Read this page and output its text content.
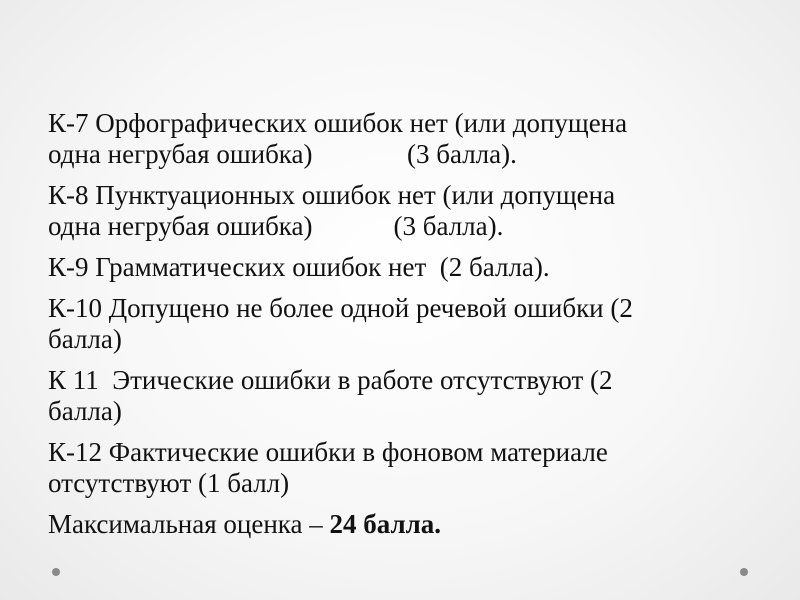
К-7 Орфографических ошибок нет (или допущена
одна негрубая ошибка)              (3 балла).

К-8 Пунктуационных ошибок нет (или допущена
одна негрубая ошибка)            (3 балла).

К-9 Грамматических ошибок нет  (2 балла).

К-10 Допущено не более одной речевой ошибки (2
балла)

К 11  Этические ошибки в работе отсутствуют (2
балла)

К-12 Фактические ошибки в фоновом материале
отсутствуют (1 балл)

Максимальная оценка – 24 балла.
